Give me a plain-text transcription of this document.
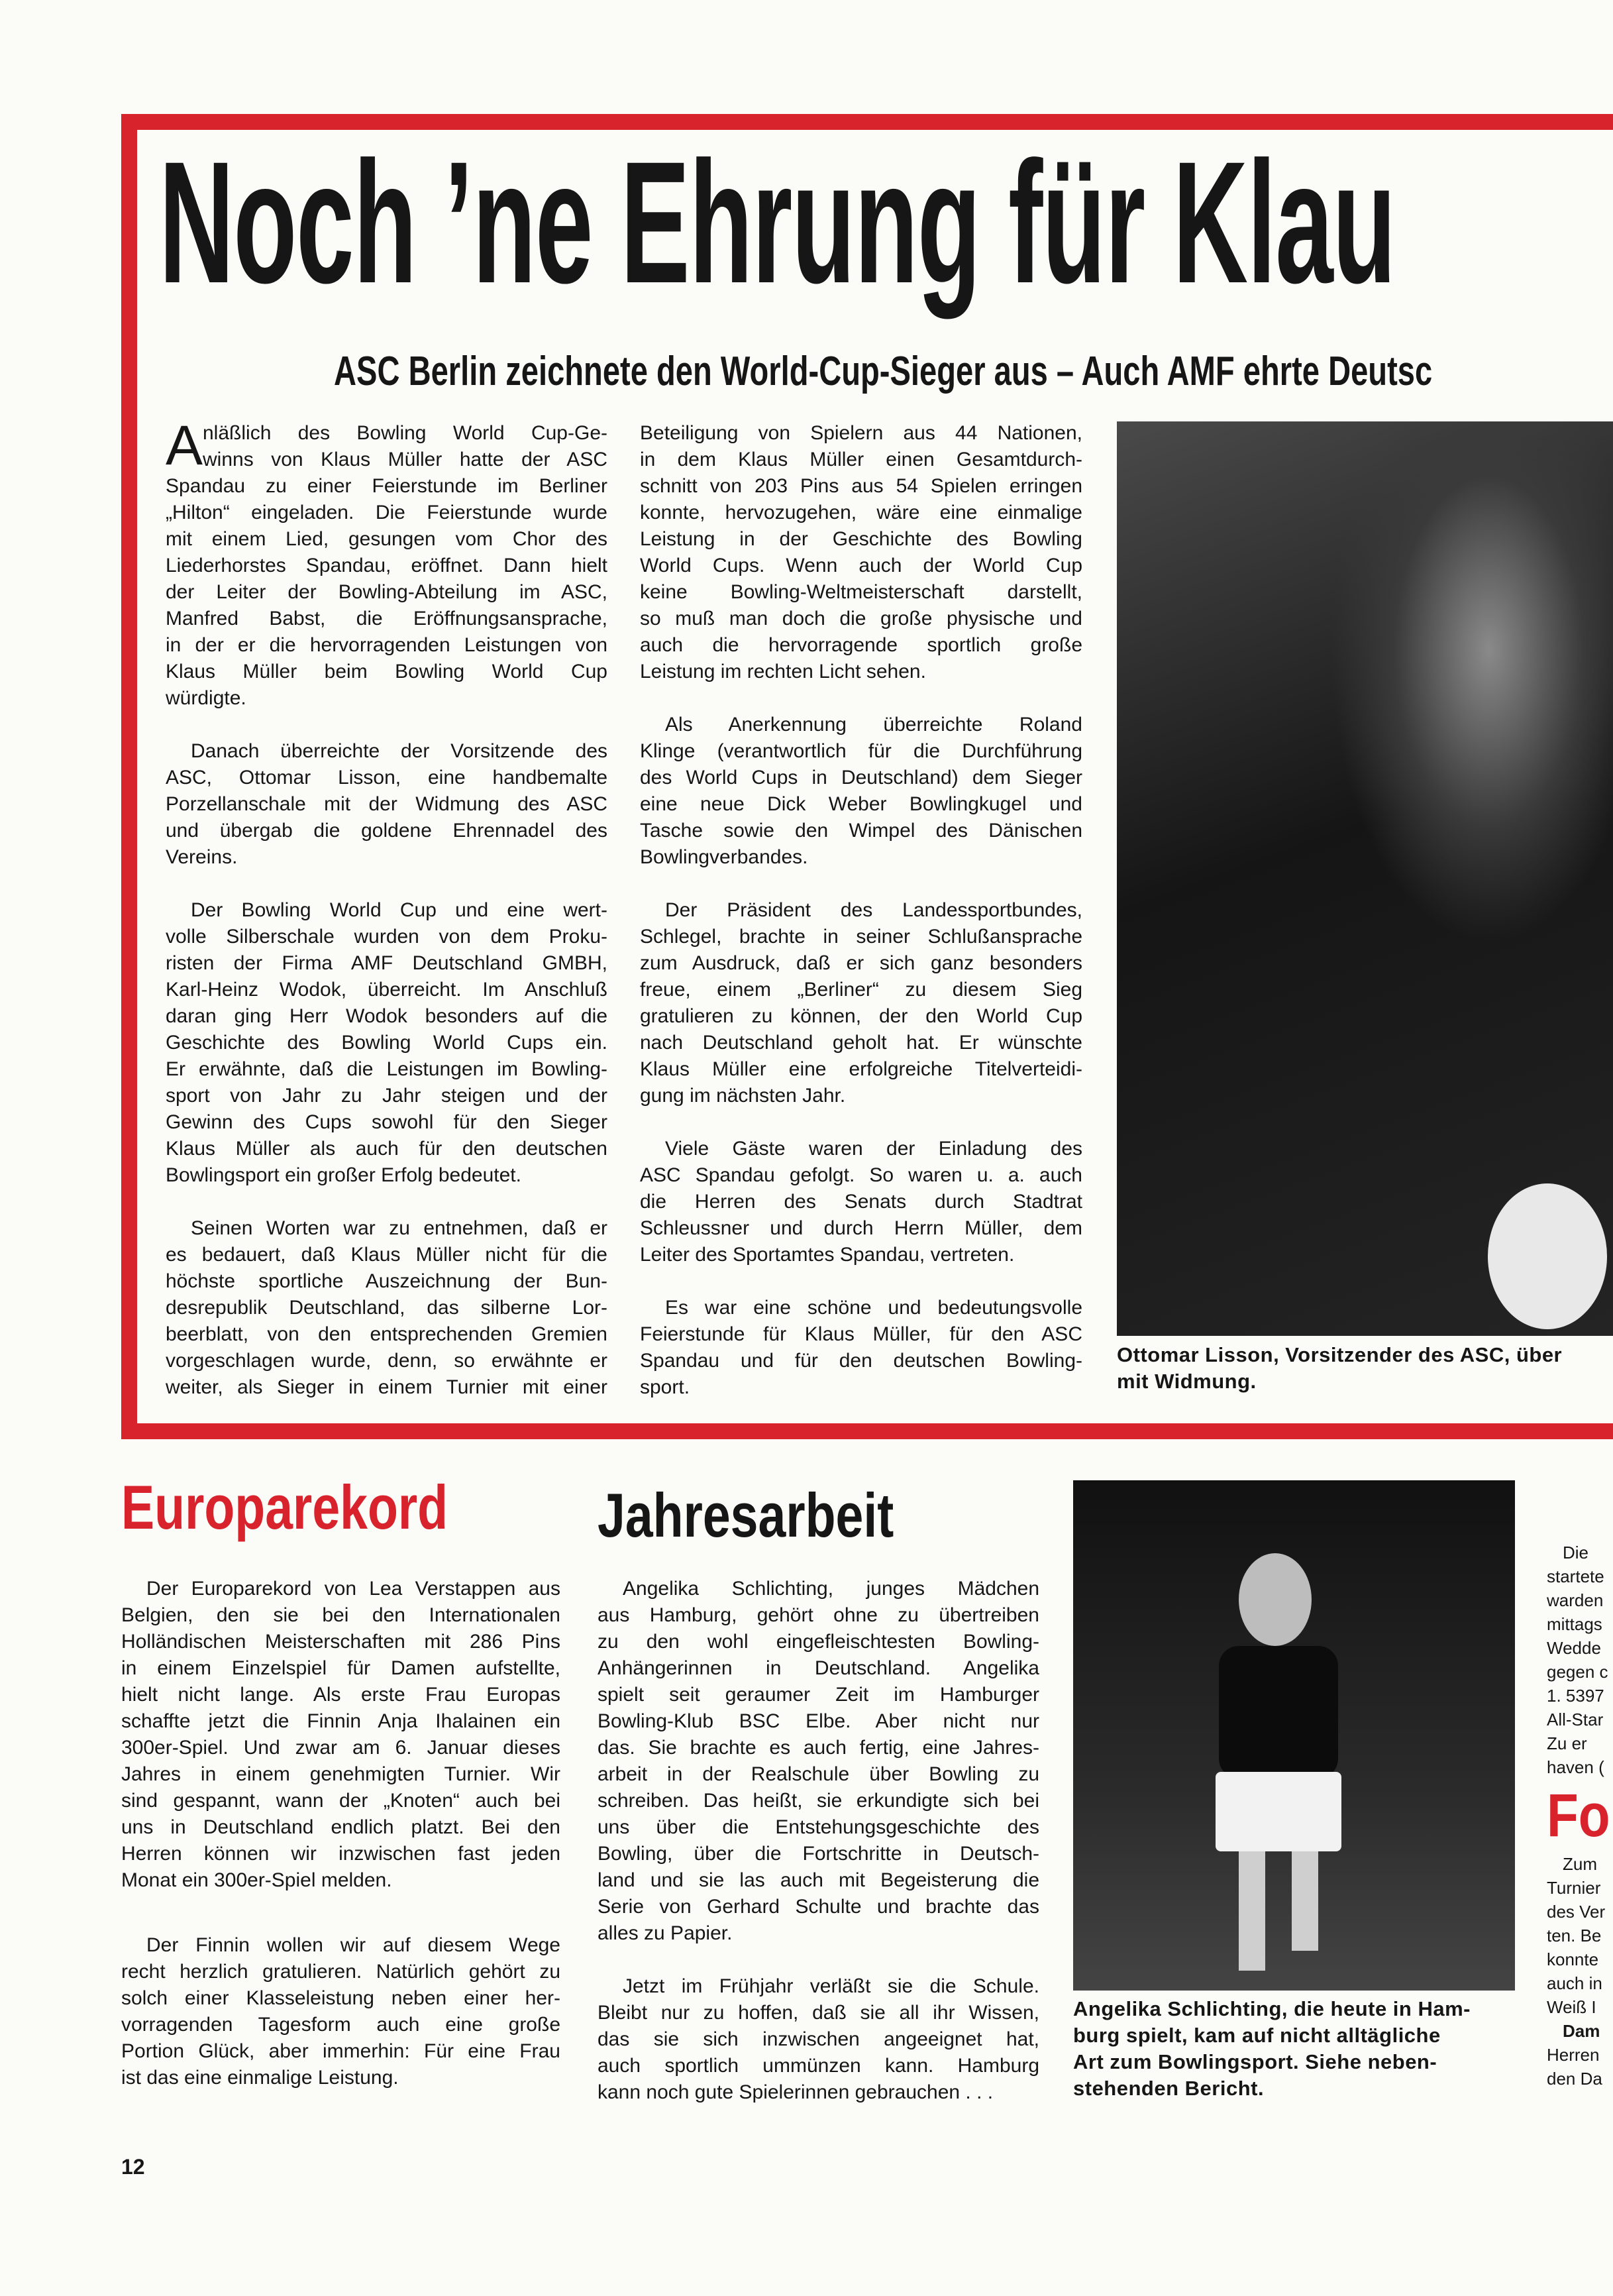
Noch ’ne Ehrung für Klau
ASC Berlin zeichnete den World-Cup-Sieger aus – Auch AMF ehrte Deutsc
A nläßlich des Bowling World Cup-Ge-
winns von Klaus Müller hatte der ASC
Spandau zu einer Feierstunde im Berliner
„Hilton“ eingeladen. Die Feierstunde wurde
mit einem Lied, gesungen vom Chor des
Liederhorstes Spandau, eröffnet. Dann hielt
der Leiter der Bowling-Abteilung im ASC,
Manfred Babst, die Eröffnungsansprache,
in der er die hervorragenden Leistungen von
Klaus Müller beim Bowling World Cup
würdigte.
Danach überreichte der Vorsitzende des
ASC, Ottomar Lisson, eine handbemalte
Porzellanschale mit der Widmung des ASC
und übergab die goldene Ehrennadel des
Vereins.
Der Bowling World Cup und eine wert-
volle Silberschale wurden von dem Proku-
risten der Firma AMF Deutschland GMBH,
Karl-Heinz Wodok, überreicht. Im Anschluß
daran ging Herr Wodok besonders auf die
Geschichte des Bowling World Cups ein.
Er erwähnte, daß die Leistungen im Bowling-
sport von Jahr zu Jahr steigen und der
Gewinn des Cups sowohl für den Sieger
Klaus Müller als auch für den deutschen
Bowlingsport ein großer Erfolg bedeutet.
Seinen Worten war zu entnehmen, daß er
es bedauert, daß Klaus Müller nicht für die
höchste sportliche Auszeichnung der Bun-
desrepublik Deutschland, das silberne Lor-
beerblatt, von den entsprechenden Gremien
vorgeschlagen wurde, denn, so erwähnte er
weiter, als Sieger in einem Turnier mit einer
Beteiligung von Spielern aus 44 Nationen,
in dem Klaus Müller einen Gesamtdurch-
schnitt von 203 Pins aus 54 Spielen erringen
konnte, hervozugehen, wäre eine einmalige
Leistung in der Geschichte des Bowling
World Cups. Wenn auch der World Cup
keine Bowling-Weltmeisterschaft darstellt,
so muß man doch die große physische und
auch die hervorragende sportlich große
Leistung im rechten Licht sehen.
Als Anerkennung überreichte Roland
Klinge (verantwortlich für die Durchführung
des World Cups in Deutschland) dem Sieger
eine neue Dick Weber Bowlingkugel und
Tasche sowie den Wimpel des Dänischen
Bowlingverbandes.
Der Präsident des Landessportbundes,
Schlegel, brachte in seiner Schlußansprache
zum Ausdruck, daß er sich ganz besonders
freue, einem „Berliner“ zu diesem Sieg
gratulieren zu können, der den World Cup
nach Deutschland geholt hat. Er wünschte
Klaus Müller eine erfolgreiche Titelverteidi-
gung im nächsten Jahr.
Viele Gäste waren der Einladung des
ASC Spandau gefolgt. So waren u. a. auch
die Herren des Senats durch Stadtrat
Schleussner und durch Herrn Müller, dem
Leiter des Sportamtes Spandau, vertreten.
Es war eine schöne und bedeutungsvolle
Feierstunde für Klaus Müller, für den ASC
Spandau und für den deutschen Bowling-
sport.
Ottomar Lisson, Vorsitzender des ASC, über
mit Widmung.
Europarekord
Der Europarekord von Lea Verstappen aus
Belgien, den sie bei den Internationalen
Holländischen Meisterschaften mit 286 Pins
in einem Einzelspiel für Damen aufstellte,
hielt nicht lange. Als erste Frau Europas
schaffte jetzt die Finnin Anja Ihalainen ein
300er-Spiel. Und zwar am 6. Januar dieses
Jahres in einem genehmigten Turnier. Wir
sind gespannt, wann der „Knoten“ auch bei
uns in Deutschland endlich platzt. Bei den
Herren können wir inzwischen fast jeden
Monat ein 300er-Spiel melden.
Der Finnin wollen wir auf diesem Wege
recht herzlich gratulieren. Natürlich gehört zu
solch einer Klasseleistung neben einer her-
vorragenden Tagesform auch eine große
Portion Glück, aber immerhin: Für eine Frau
ist das eine einmalige Leistung.
Jahresarbeit
Angelika Schlichting, junges Mädchen
aus Hamburg, gehört ohne zu übertreiben
zu den wohl eingefleischtesten Bowling-
Anhängerinnen in Deutschland. Angelika
spielt seit geraumer Zeit im Hamburger
Bowling-Klub BSC Elbe. Aber nicht nur
das. Sie brachte es auch fertig, eine Jahres-
arbeit in der Realschule über Bowling zu
schreiben. Das heißt, sie erkundigte sich bei
uns über die Entstehungsgeschichte des
Bowling, über die Fortschritte in Deutsch-
land und sie las auch mit Begeisterung die
Serie von Gerhard Schulte und brachte das
alles zu Papier.
Jetzt im Frühjahr verläßt sie die Schule.
Bleibt nur zu hoffen, daß sie all ihr Wissen,
das sie sich inzwischen angeeignet hat,
auch sportlich ummünzen kann. Hamburg
kann noch gute Spielerinnen gebrauchen . . .
Angelika Schlichting, die heute in Ham-
burg spielt, kam auf nicht alltägliche
Art zum Bowlingsport. Siehe neben-
stehenden Bericht.
Die
startete
warden
mittags
Wedde
gegen c
1. 5397
All-Star
Zu er
haven (
Fo
Zum
Turnier
des Ver
ten. Be
konnte
auch in
Weiß I
Dam
Herren
den Da
12
